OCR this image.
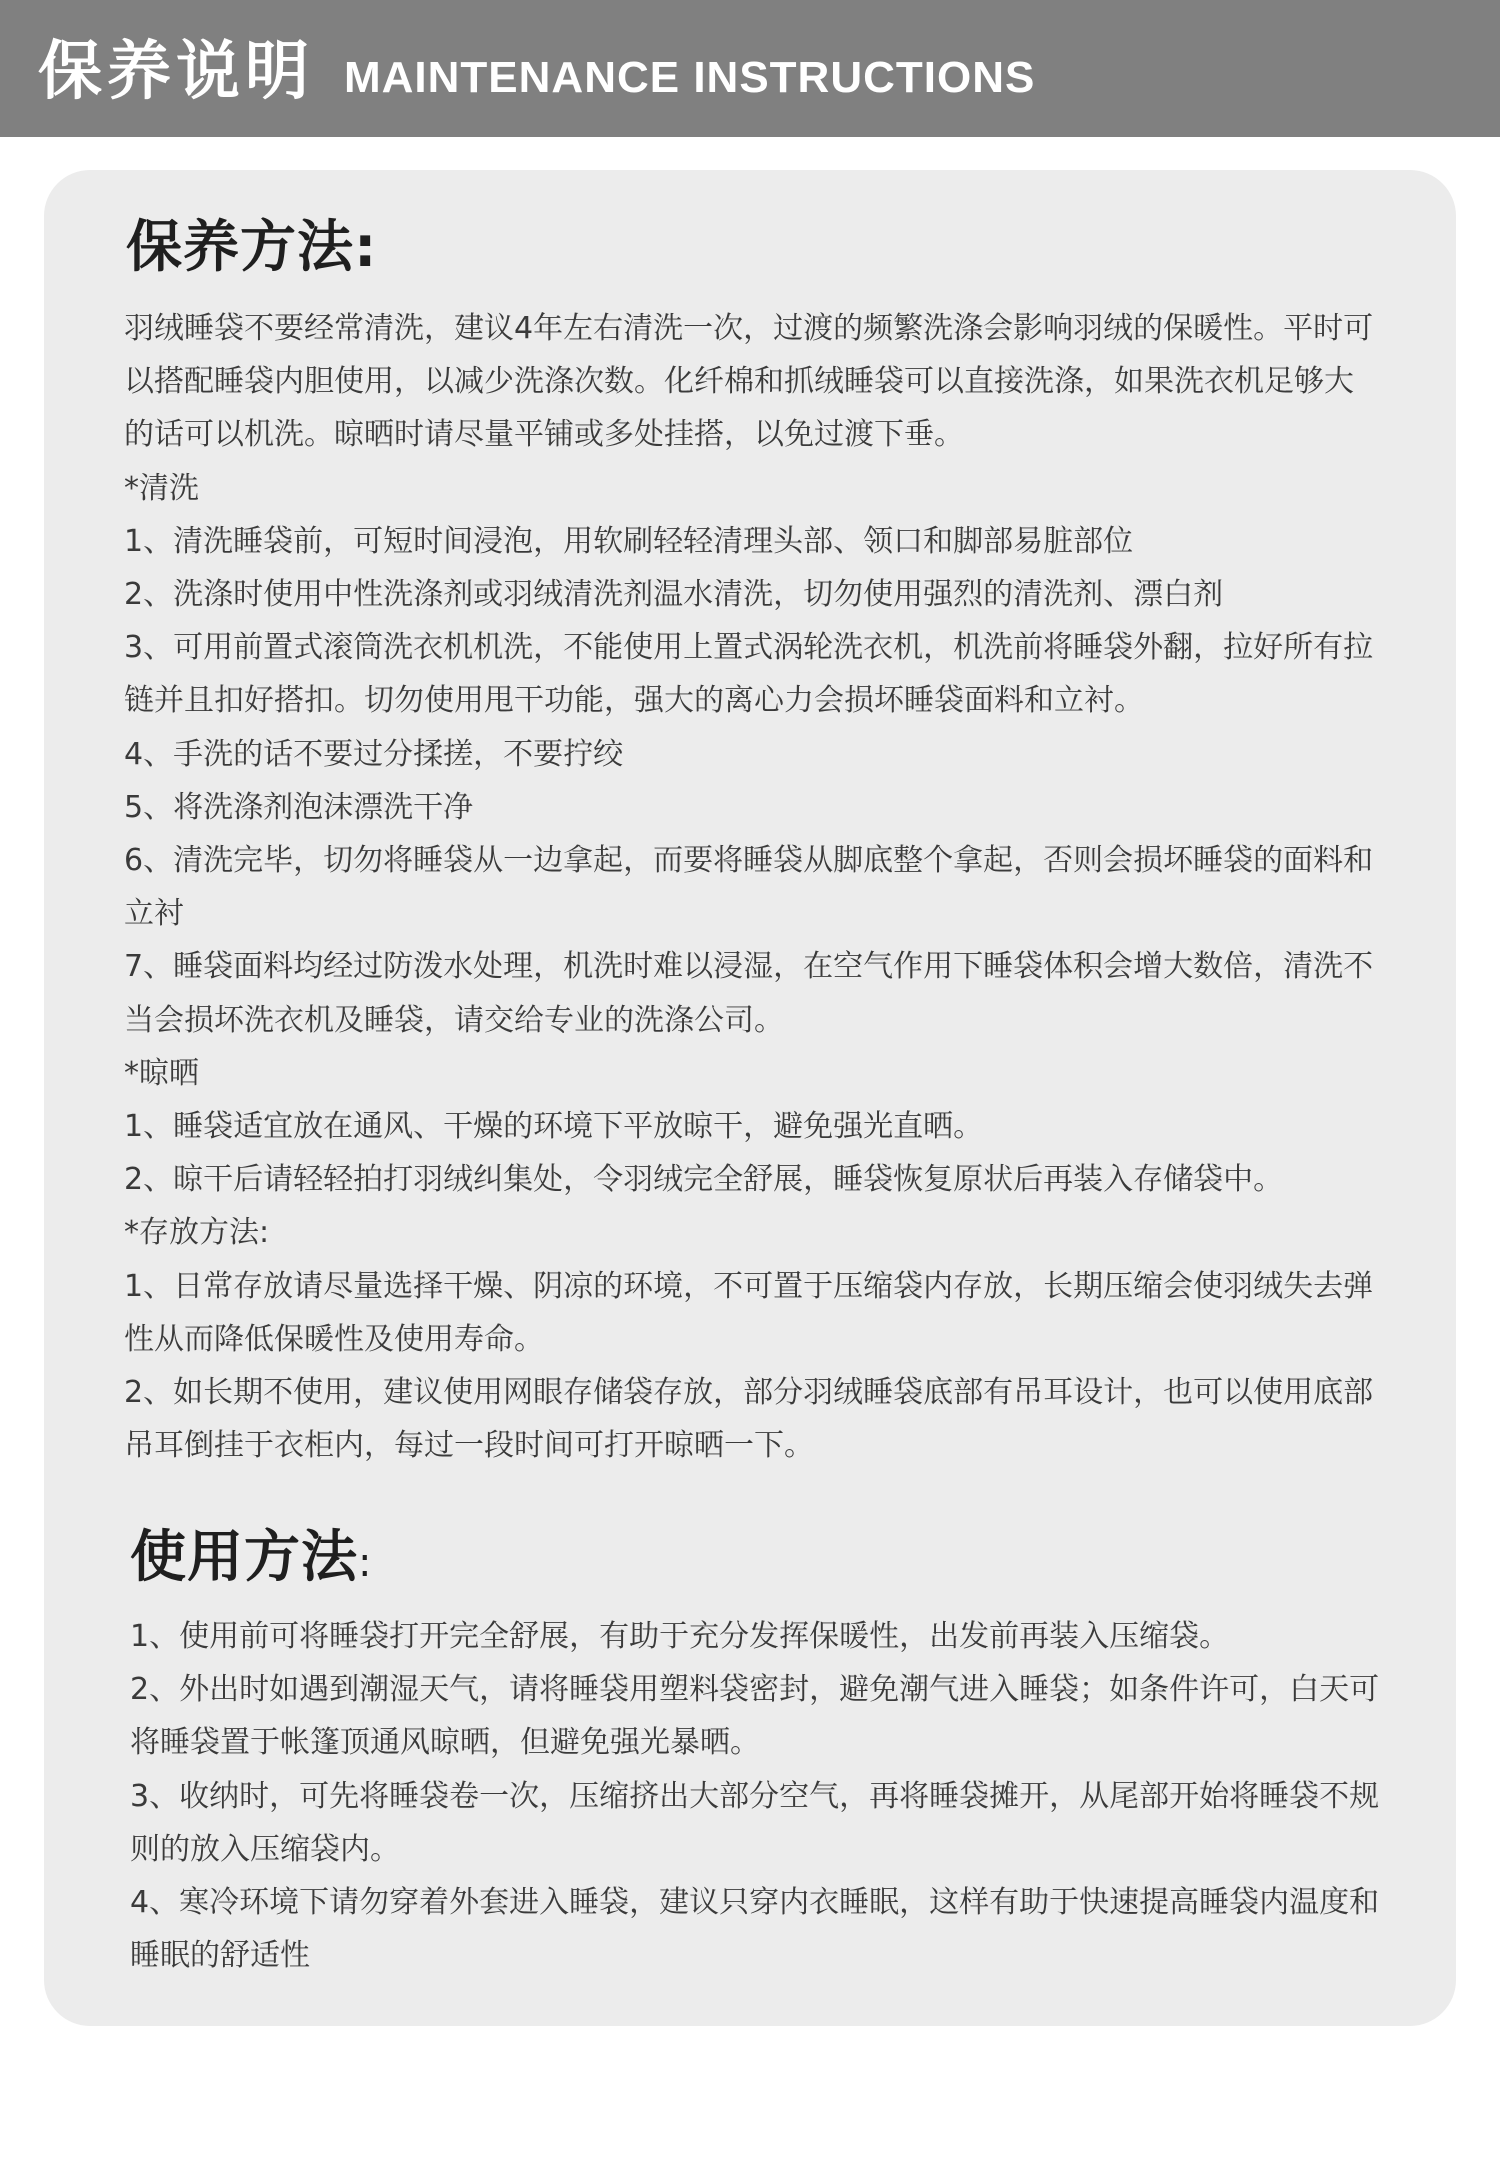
保养说明 MAINTENANCE INSTRUCTIONS
保养方法:

羽绒睡袋不要经常清洗，建议4年左右清洗一次，过渡的频繁洗涤会影响羽绒的保暖性。平时可以搭配睡袋内胆使用，以减少洗涤次数。化纤棉和抓绒睡袋可以直接洗涤，如果洗衣机足够大的话可以机洗。晾晒时请尽量平铺或多处挂搭，以免过渡下垂。

*清洗

1、清洗睡袋前，可短时间浸泡，用软刷轻轻清理头部、领口和脚部易脏部位

2、洗涤时使用中性洗涤剂或羽绒清洗剂温水清洗，切勿使用强烈的清洗剂、漂白剂

3、可用前置式滚筒洗衣机机洗，不能使用上置式涡轮洗衣机，机洗前将睡袋外翻，拉好所有拉链并且扣好搭扣。切勿使用甩干功能，强大的离心力会损坏睡袋面料和立衬。

4、手洗的话不要过分揉搓，不要拧绞

5、将洗涤剂泡沫漂洗干净

6、清洗完毕，切勿将睡袋从一边拿起，而要将睡袋从脚底整个拿起，否则会损坏睡袋的面料和立衬

7、睡袋面料均经过防泼水处理，机洗时难以浸湿，在空气作用下睡袋体积会增大数倍，清洗不当会损坏洗衣机及睡袋，请交给专业的洗涤公司。

*晾晒

1、睡袋适宜放在通风、干燥的环境下平放晾干，避免强光直晒。

2、晾干后请轻轻拍打羽绒纠集处，令羽绒完全舒展，睡袋恢复原状后再装入存储袋中。

*存放方法:

1、日常存放请尽量选择干燥、阴凉的环境，不可置于压缩袋内存放，长期压缩会使羽绒失去弹性从而降低保暖性及使用寿命。

2、如长期不使用，建议使用网眼存储袋存放，部分羽绒睡袋底部有吊耳设计，也可以使用底部吊耳倒挂于衣柜内，每过一段时间可打开晾晒一下。

使用方法:

1、使用前可将睡袋打开完全舒展，有助于充分发挥保暖性，出发前再装入压缩袋。

2、外出时如遇到潮湿天气，请将睡袋用塑料袋密封，避免潮气进入睡袋；如条件许可，白天可将睡袋置于帐篷顶通风晾晒，但避免强光暴晒。

3、收纳时，可先将睡袋卷一次，压缩挤出大部分空气，再将睡袋摊开，从尾部开始将睡袋不规则的放入压缩袋内。

4、寒冷环境下请勿穿着外套进入睡袋，建议只穿内衣睡眠，这样有助于快速提高睡袋内温度和睡眠的舒适性
